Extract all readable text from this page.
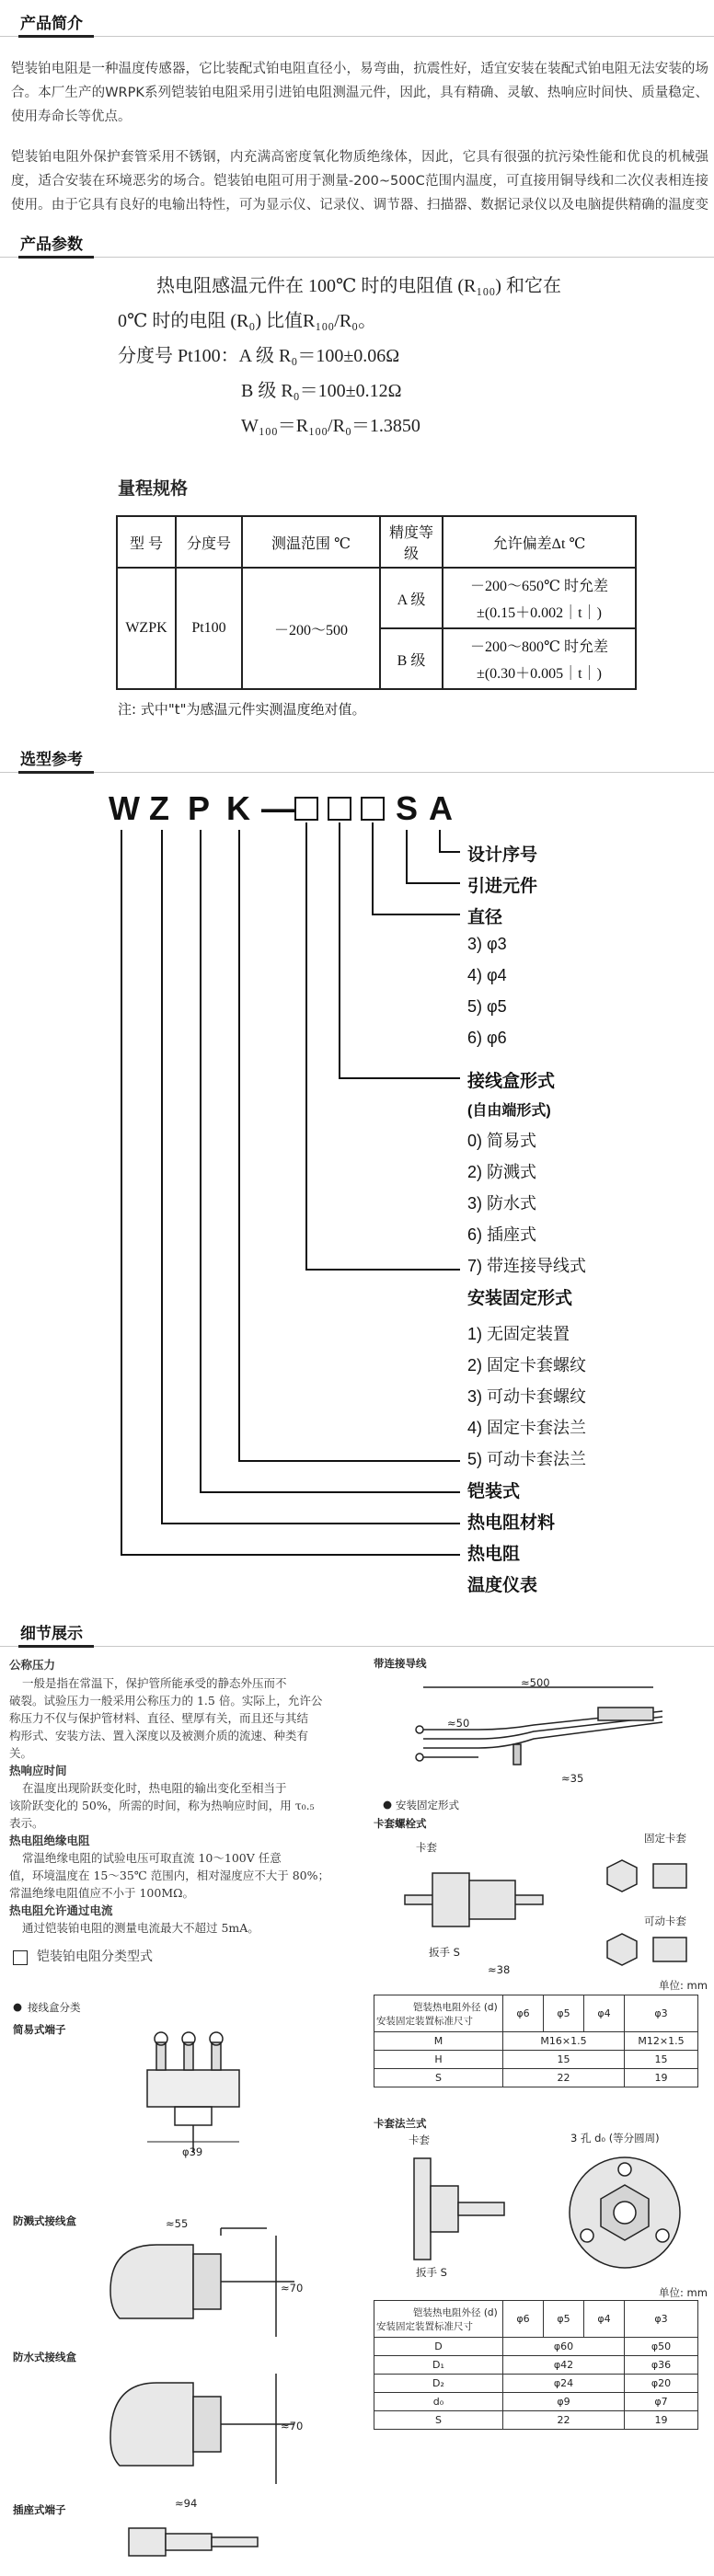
产品简介
铠装铂电阻是一种温度传感器，它比装配式铂电阻直径小，易弯曲，抗震性好，适宜安装在装配式铂电阻无法安装的场合。本厂生产的WRPK系列铠装铂电阻采用引进铂电阻测温元件，因此，具有精确、灵敏、热响应时间快、质量稳定、使用寿命长等优点。
铠装铂电阻外保护套管采用不锈钢，内充满高密度氧化物质绝缘体，因此，它具有很强的抗污染性能和优良的机械强度，适合安装在环境恶劣的场合。铠装铂电阻可用于测量-200~500C范围内温度，可直接用铜导线和二次仪表相连接使用。由于它具有良好的电输出特性，可为显示仪、记录仪、调节器、扫描器、数据记录仪以及电脑提供精确的温度变
产品参数
热电阻感温元件在 100℃ 时的电阻值 (R₁₀₀) 和它在
0℃ 时的电阻 (R₀) 比值R₁₀₀/R₀。
分度号 Pt100：A 级 R₀＝100±0.06Ω
B 级 R₀＝100±0.12Ω
W₁₀₀＝R₁₀₀/R₀＝1.3850
量程规格
型 号	分度号	测温范围 ℃	精度等级	允许偏差Δt ℃
WZPK	Pt100	－200～500	A 级	－200～650℃ 时允差
±(0.15＋0.002｜t｜)

			B 级	－200～800℃ 时允差
±(0.30＋0.005｜t｜)
注: 式中"t"为感温元件实测温度绝对值。
选型参考
W Z P K —	S A
设计序号
引进元件
直径
3) φ3
4) φ4
5) φ5
6) φ6
接线盒形式
(自由端形式)
0) 简易式
2) 防溅式
3) 防水式
6) 插座式
7) 带连接导线式
安装固定形式
1) 无固定装置
2) 固定卡套螺纹
3) 可动卡套螺纹
4) 固定卡套法兰
5) 可动卡套法兰
铠装式
热电阻材料
热电阻
温度仪表
细节展示
公称压力
一般是指在常温下，保护管所能承受的静态外压而不
破裂。试验压力一般采用公称压力的 1.5 倍。实际上，允许公
称压力不仅与保护管材料、直径、壁厚有关，而且还与其结
构形式、安装方法、置入深度以及被测介质的流速、种类有
关。
热响应时间
在温度出现阶跃变化时，热电阻的输出变化至相当于
该阶跃变化的 50%，所需的时间，称为热响应时间，用 τ₀.₅
表示。
热电阻绝缘电阻
常温绝缘电阻的试验电压可取直流 10～100V 任意
值，环境温度在 15～35℃ 范围内，相对湿度应不大于 80%；
常温绝缘电阻值应不小于 100MΩ。
热电阻允许通过电流
通过铠装铂电阻的测量电流最大不超过 5mA。
铠装铂电阻分类型式
● 接线盒分类
简易式端子
防溅式接线盒
防水式接线盒
插座式端子
φ39
≈55
≈70
≈70
≈94
带连接导线
≈500
≈50
≈35
● 安装固定形式
卡套螺栓式
卡套
扳手 S
≈38
固定卡套
可动卡套
单位: mm
铠装热电阻外径 (d)
安装固定装置标准尺寸	φ6	φ5	φ4	φ3
M	M16×1.5			M12×1.5
H	15			15
S	22			19
卡套法兰式
卡套
扳手 S
3 孔 d₀ (等分圆周)
单位: mm
铠装热电阻外径 (d)
安装固定装置标准尺寸	φ6	φ5	φ4	φ3
D	φ60			φ50
D₁	φ42			φ36
D₂	φ24			φ20
d₀	φ9			φ7
S	22			19
